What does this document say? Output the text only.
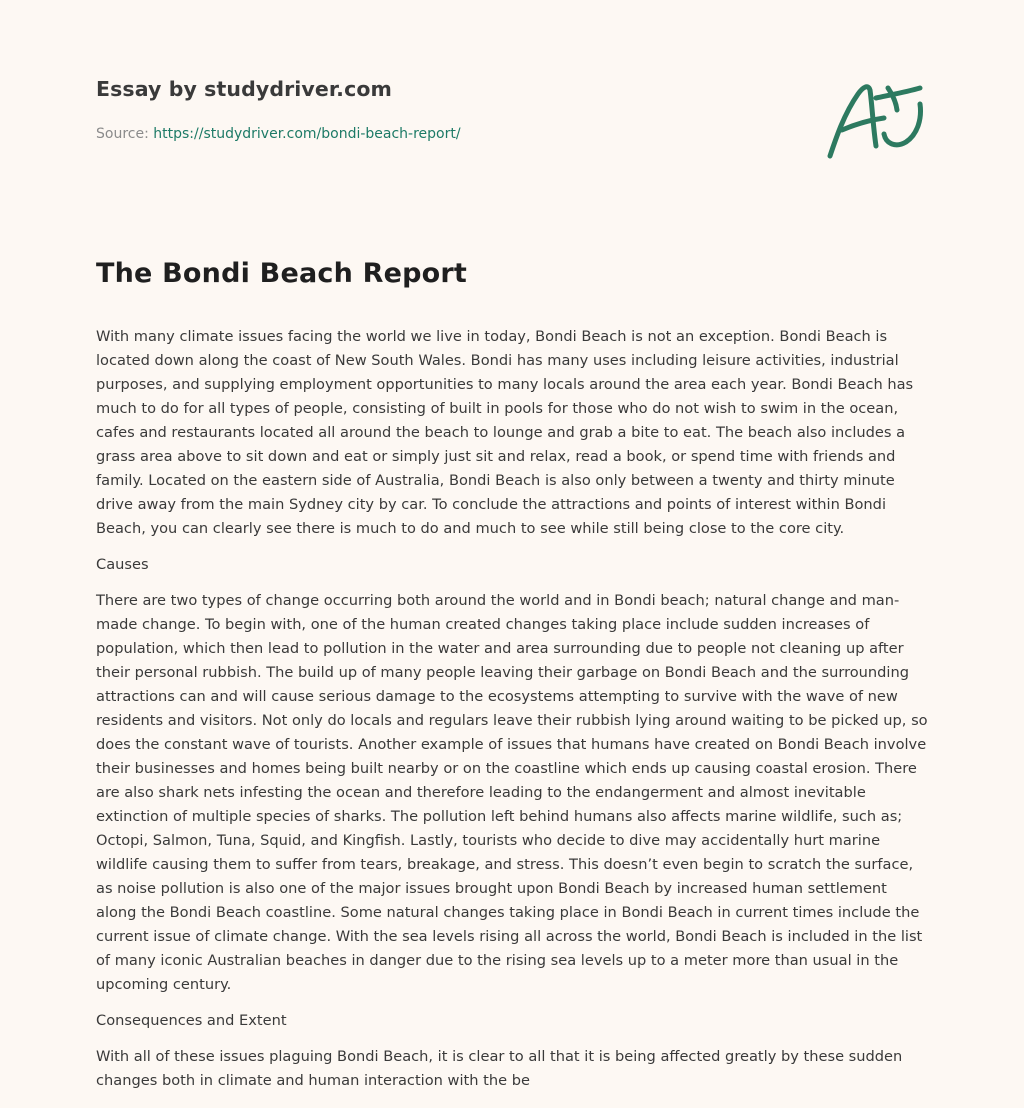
Essay by studydriver.com
Source: https://studydriver.com/bondi-beach-report/
The Bondi Beach Report

With many climate issues facing the world we live in today, Bondi Beach is not an exception. Bondi Beach is located down along the coast of New South Wales. Bondi has many uses including leisure activities, industrial purposes, and supplying employment opportunities to many locals around the area each year. Bondi Beach has much to do for all types of people, consisting of built in pools for those who do not wish to swim in the ocean, cafes and restaurants located all around the beach to lounge and grab a bite to eat. The beach also includes a grass area above to sit down and eat or simply just sit and relax, read a book, or spend time with friends and family. Located on the eastern side of Australia, Bondi Beach is also only between a twenty and thirty minute drive away from the main Sydney city by car. To conclude the attractions and points of interest within Bondi Beach, you can clearly see there is much to do and much to see while still being close to the core city.

Causes

There are two types of change occurring both around the world and in Bondi beach; natural change and man-made change. To begin with, one of the human created changes taking place include sudden increases of population, which then lead to pollution in the water and area surrounding due to people not cleaning up after their personal rubbish. The build up of many people leaving their garbage on Bondi Beach and the surrounding attractions can and will cause serious damage to the ecosystems attempting to survive with the wave of new residents and visitors. Not only do locals and regulars leave their rubbish lying around waiting to be picked up, so does the constant wave of tourists. Another example of issues that humans have created on Bondi Beach involve their businesses and homes being built nearby or on the coastline which ends up causing coastal erosion. There are also shark nets infesting the ocean and therefore leading to the endangerment and almost inevitable extinction of multiple species of sharks. The pollution left behind humans also affects marine wildlife, such as; Octopi, Salmon, Tuna, Squid, and Kingfish. Lastly, tourists who decide to dive may accidentally hurt marine wildlife causing them to suffer from tears, breakage, and stress. This doesn’t even begin to scratch the surface, as noise pollution is also one of the major issues brought upon Bondi Beach by increased human settlement along the Bondi Beach coastline. Some natural changes taking place in Bondi Beach in current times include the current issue of climate change. With the sea levels rising all across the world, Bondi Beach is included in the list of many iconic Australian beaches in danger due to the rising sea levels up to a meter more than usual in the upcoming century.

Consequences and Extent

With all of these issues plaguing Bondi Beach, it is clear to all that it is being affected greatly by these sudden changes both in climate and human interaction with the be
